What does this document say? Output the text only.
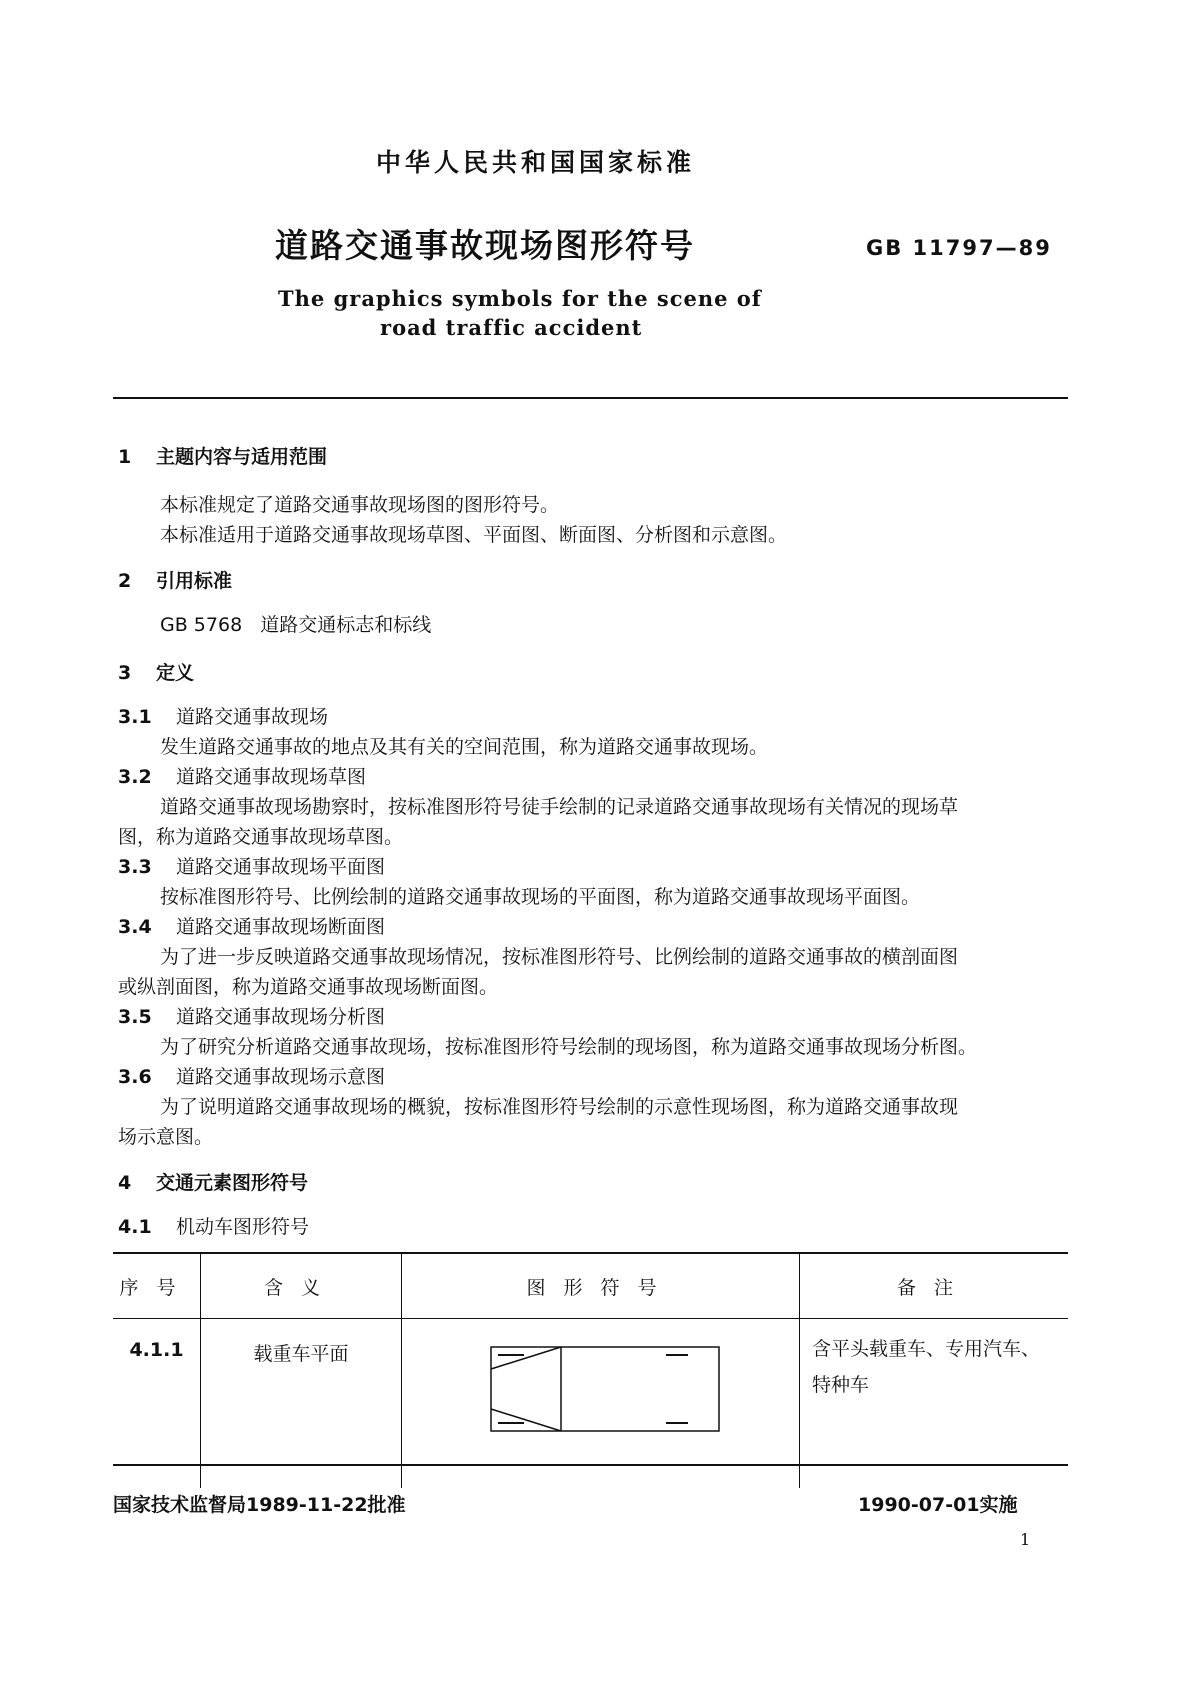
中华人民共和国国家标准
道路交通事故现场图形符号	GB 11797—89
The graphics symbols for the scene of
road traffic accident
1 主题内容与适用范围
本标准规定了道路交通事故现场图的图形符号。
本标准适用于道路交通事故现场草图、平面图、断面图、分析图和示意图。
2 引用标准
GB 5768 道路交通标志和标线
3 定义
3.1 道路交通事故现场
发生道路交通事故的地点及其有关的空间范围，称为道路交通事故现场。
3.2 道路交通事故现场草图
道路交通事故现场勘察时，按标准图形符号徒手绘制的记录道路交通事故现场有关情况的现场草
图，称为道路交通事故现场草图。
3.3 道路交通事故现场平面图
按标准图形符号、比例绘制的道路交通事故现场的平面图，称为道路交通事故现场平面图。
3.4 道路交通事故现场断面图
为了进一步反映道路交通事故现场情况，按标准图形符号、比例绘制的道路交通事故的横剖面图
或纵剖面图，称为道路交通事故现场断面图。
3.5 道路交通事故现场分析图
为了研究分析道路交通事故现场，按标准图形符号绘制的现场图，称为道路交通事故现场分析图。
3.6 道路交通事故现场示意图
为了说明道路交通事故现场的概貌，按标准图形符号绘制的示意性现场图，称为道路交通事故现
场示意图。
4 交通元素图形符号
4.1 机动车图形符号
序号	含义	图形符号	备注
4.1.1	载重车平面		含平头载重车、专用汽车、
特种车
国家技术监督局1989-11-22批准	1990-07-01实施
1
